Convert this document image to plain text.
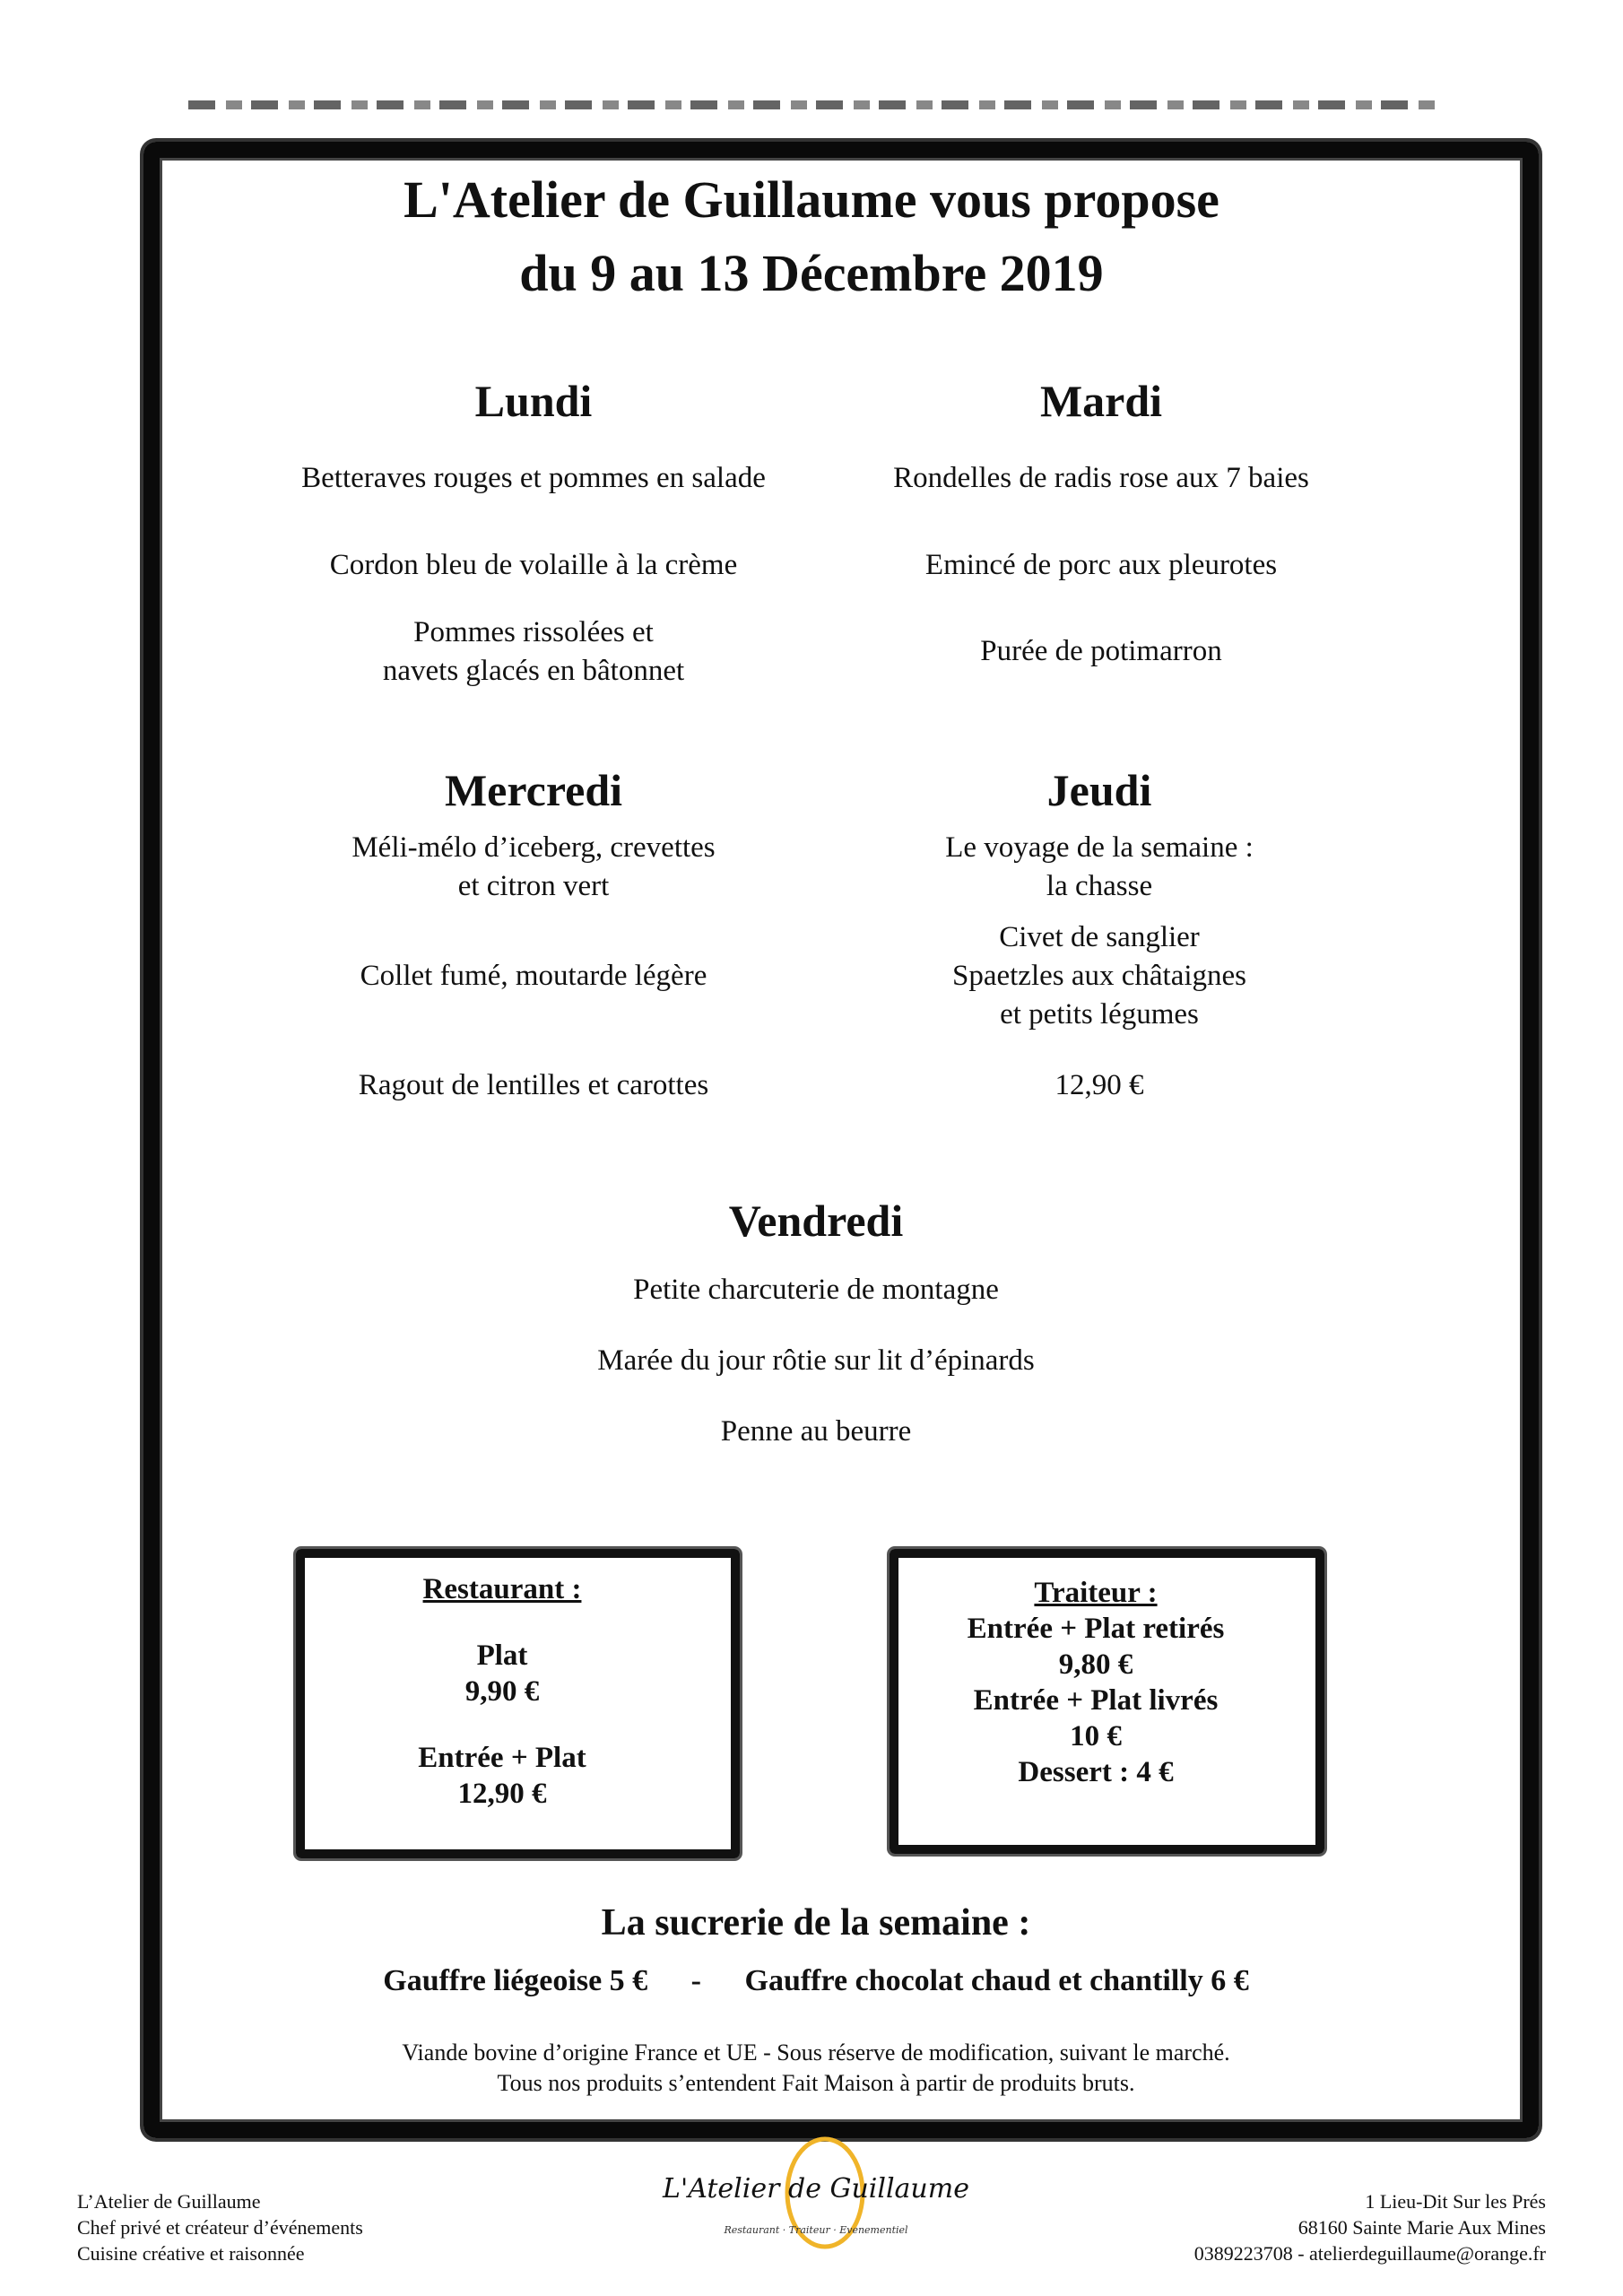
L'Atelier de Guillaume vous propose
du 9 au 13 Décembre 2019
Lundi
Betteraves rouges et pommes en salade
Cordon bleu de volaille à la crème
Pommes rissolées et
navets glacés en bâtonnet
Mardi
Rondelles de radis rose aux 7 baies
Emincé de porc aux pleurotes
Purée de potimarron
Mercredi
Méli-mélo d’iceberg, crevettes
et citron vert
Collet fumé, moutarde légère
Ragout de lentilles et carottes
Jeudi
Le voyage de la semaine :
la chasse
Civet de sanglier
Spaetzles aux châtaignes
et petits légumes
12,90 €
Vendredi
Petite charcuterie de montagne
Marée du jour rôtie sur lit d’épinards
Penne au beurre
Restaurant :
Plat
9,90 €
Entrée + Plat
12,90 €
Traiteur :
Entrée + Plat retirés
9,80 €
Entrée + Plat livrés
10 €
Dessert : 4 €
La sucrerie de la semaine :
Gauffre liégeoise 5 € - Gauffre chocolat chaud et chantilly 6 €
Viande bovine d’origine France et UE - Sous réserve de modification, suivant le marché.
Tous nos produits s’entendent Fait Maison à partir de produits bruts.
L’Atelier de Guillaume
Chef privé et créateur d’événements
Cuisine créative et raisonnée
1 Lieu-Dit Sur les Prés
68160 Sainte Marie Aux Mines
0389223708 - atelierdeguillaume@orange.fr
L'Atelier de Guillaume
Restaurant · Traiteur · Evenementiel
